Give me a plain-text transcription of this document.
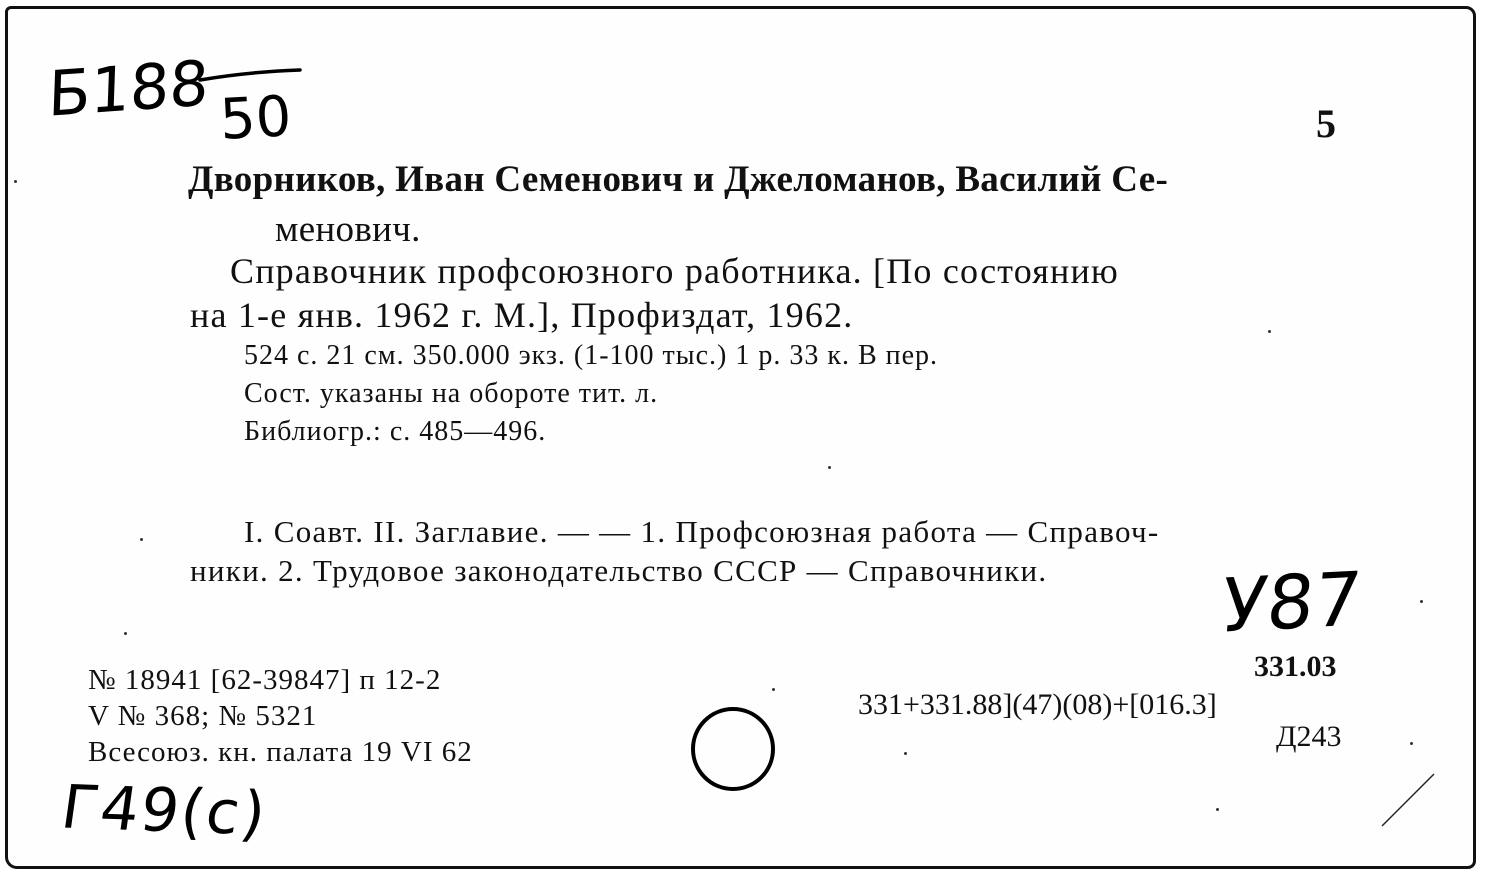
Б188 50	5
Дворников, Иван Семенович и Джеломанов, Василий Се-
менович.
Справочник профсоюзного работника. [По состоянию
на 1-е янв. 1962 г. М.], Профиздат, 1962.
524 с. 21 см. 350.000 экз. (1-100 тыс.) 1 р. 33 к. В пер.
Сост. указаны на обороте тит. л.
Библиогр.: с. 485—496.
I. Соавт. II. Заглавие. — — 1. Профсоюзная работа — Справоч-
ники. 2. Трудовое законодательство СССР — Справочники. У87
№ 18941 [62-39847] п 12-2
V № 368; № 5321
Всесоюз. кн. палата 19 VI 62
331.03
331+331.88](47)(08)+[016.3]
Д243
Г49(с)
